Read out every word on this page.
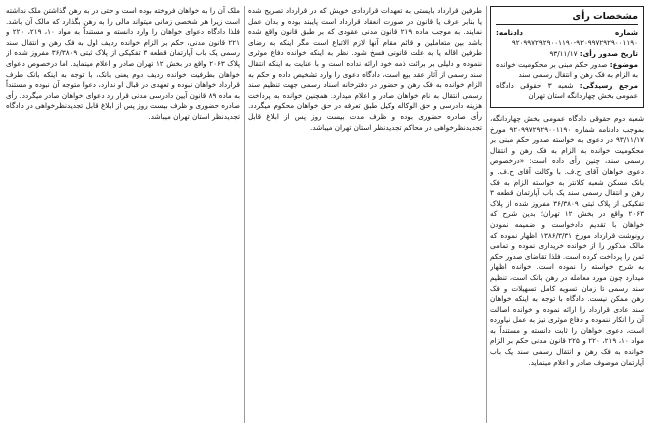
مشخصات رأی
شماره دادنامه: ۹۲۰۹۹۷۲۹۲۹۰۰۱۱۹۰-۹۲۰۹۹۷۲۹۲۹۰۰۱۱۹۰
تاریخ صدور رأی: ۹۳/۱۱/۱۷
موضوع: صدور حکم مبنی بر محکومیت خوانده به الزام به فک رهن و انتقال رسمی سند
مرجع رسیدگی: شعبه ۳ حقوقی دادگاه عمومی بخش چهاردانگه استان تهران

شعبه دوم حقوقی دادگاه عمومی بخش چهاردانگه، بموجب دادنامه شماره ۹۲۰۹۹۷۲۹۲۹۰۰۱۱۹۰ مورخ ۹۳/۱۱/۱۷ در دعوی به خواسته صدور حکم مبنی بر محکومیت خوانده به الزام به فک رهن و انتقال رسمی سند، چنین رأی داده است: «درخصوص دعوی خواهان آقای ح.ف. با وکالت آقای ح.ف. و بانک مسکن شعبه کلانتر به خواسته الزام به فک رهن و انتقال رسمی سند یک باب آپارتمان قطعه ۳ تفکیکی از پلاک ثبتی ۳۶/۳۸۰۹ مفروز شده از پلاک ۲۰۶۳ واقع در بخش ۱۲ تهران؛ بدین شرح که خواهان با تقدیم دادخواست و ضمیمه نمودن رونوشت قرارداد مورخ ۱۳۸۶/۳/۳۱ اظهار نموده که مالک مذکور را از خوانده خریداری نموده و تمامی ثمن را پرداخت کرده است. فلذا تقاضای صدور حکم به شرح خواسته را نموده است. خوانده اظهار میدارد چون مورد معامله در رهن بانک است، تنظیم سند رسمی تا زمان تسویه کامل تسهیلات و فک رهن ممکن نیست. دادگاه با توجه به اینکه خواهان سند عادی قرارداد را ارائه نموده و خوانده اصالت آن را انکار ننموده و دفاع موثری نیز به عمل نیاورده است، دعوی خواهان را ثابت دانسته و مستنداً به مواد ۱۰، ۲۱۹، ۲۲۰ و ۲۲۵ قانون مدنی حکم بر الزام خوانده به فک رهن و انتقال رسمی سند یک باب آپارتمان موصوف صادر و اعلام مینماید.

طرفین قرارداد بایستی به تعهدات قراردادی خویش که در قرارداد تصریح شده یا بنابر عرف یا قانون در صورت انعقاد قرارداد است پایبند بوده و بدان عمل نمایند. به موجب ماده ۲۱۹ قانون مدنی عقودی که بر طبق قانون واقع شده باشد بین متعاملین و قائم مقام آنها لازم الاتباع است مگر اینکه به رضای طرفین اقاله یا به علت قانونی فسخ شود. نظر به اینکه خوانده دفاع موثری ننموده و دلیلی بر برائت ذمه خود ارائه نداده است و با عنایت به اینکه انتقال سند رسمی از آثار عقد بیع است، دادگاه دعوی را وارد تشخیص داده و حکم به الزام خوانده به فک رهن و حضور در دفترخانه اسناد رسمی جهت تنظیم سند رسمی انتقال به نام خواهان صادر و اعلام میدارد. همچنین خوانده به پرداخت هزینه دادرسی و حق الوکاله وکیل طبق تعرفه در حق خواهان محکوم میگردد. رأی صادره حضوری بوده و ظرف مدت بیست روز پس از ابلاغ قابل تجدیدنظرخواهی در محاکم تجدیدنظر استان تهران میباشد.

ملک آن را به خواهان فروخته بوده است و حتی در به رهن گذاشتن ملک نداشته است زیرا هر شخصی زمانی میتواند مالی را به رهن بگذارد که مالک آن باشد. فلذا دادگاه دعوای خواهان را وارد دانسته و مستنداً به مواد ۱۰، ۲۱۹، ۲۲۰ و ۲۲۱ قانون مدنی، حکم بر الزام خوانده ردیف اول به فک رهن و انتقال سند رسمی یک باب آپارتمان قطعه ۳ تفکیکی از پلاک ثبتی ۳۶/۳۸۰۹ مفروز شده از پلاک ۲۰۶۳ واقع در بخش ۱۲ تهران صادر و اعلام مینماید. اما درخصوص دعوای خواهان بطرفیت خوانده ردیف دوم یعنی بانک، با توجه به اینکه بانک طرف قرارداد خواهان نبوده و تعهدی در قبال او ندارد، دعوا متوجه آن نبوده و مستنداً به ماده ۸۹ قانون آیین دادرسی مدنی قرار رد دعوای خواهان صادر میگردد. رأی صادره حضوری و ظرف بیست روز پس از ابلاغ قابل تجدیدنظرخواهی در دادگاه تجدیدنظر استان تهران میباشد.
